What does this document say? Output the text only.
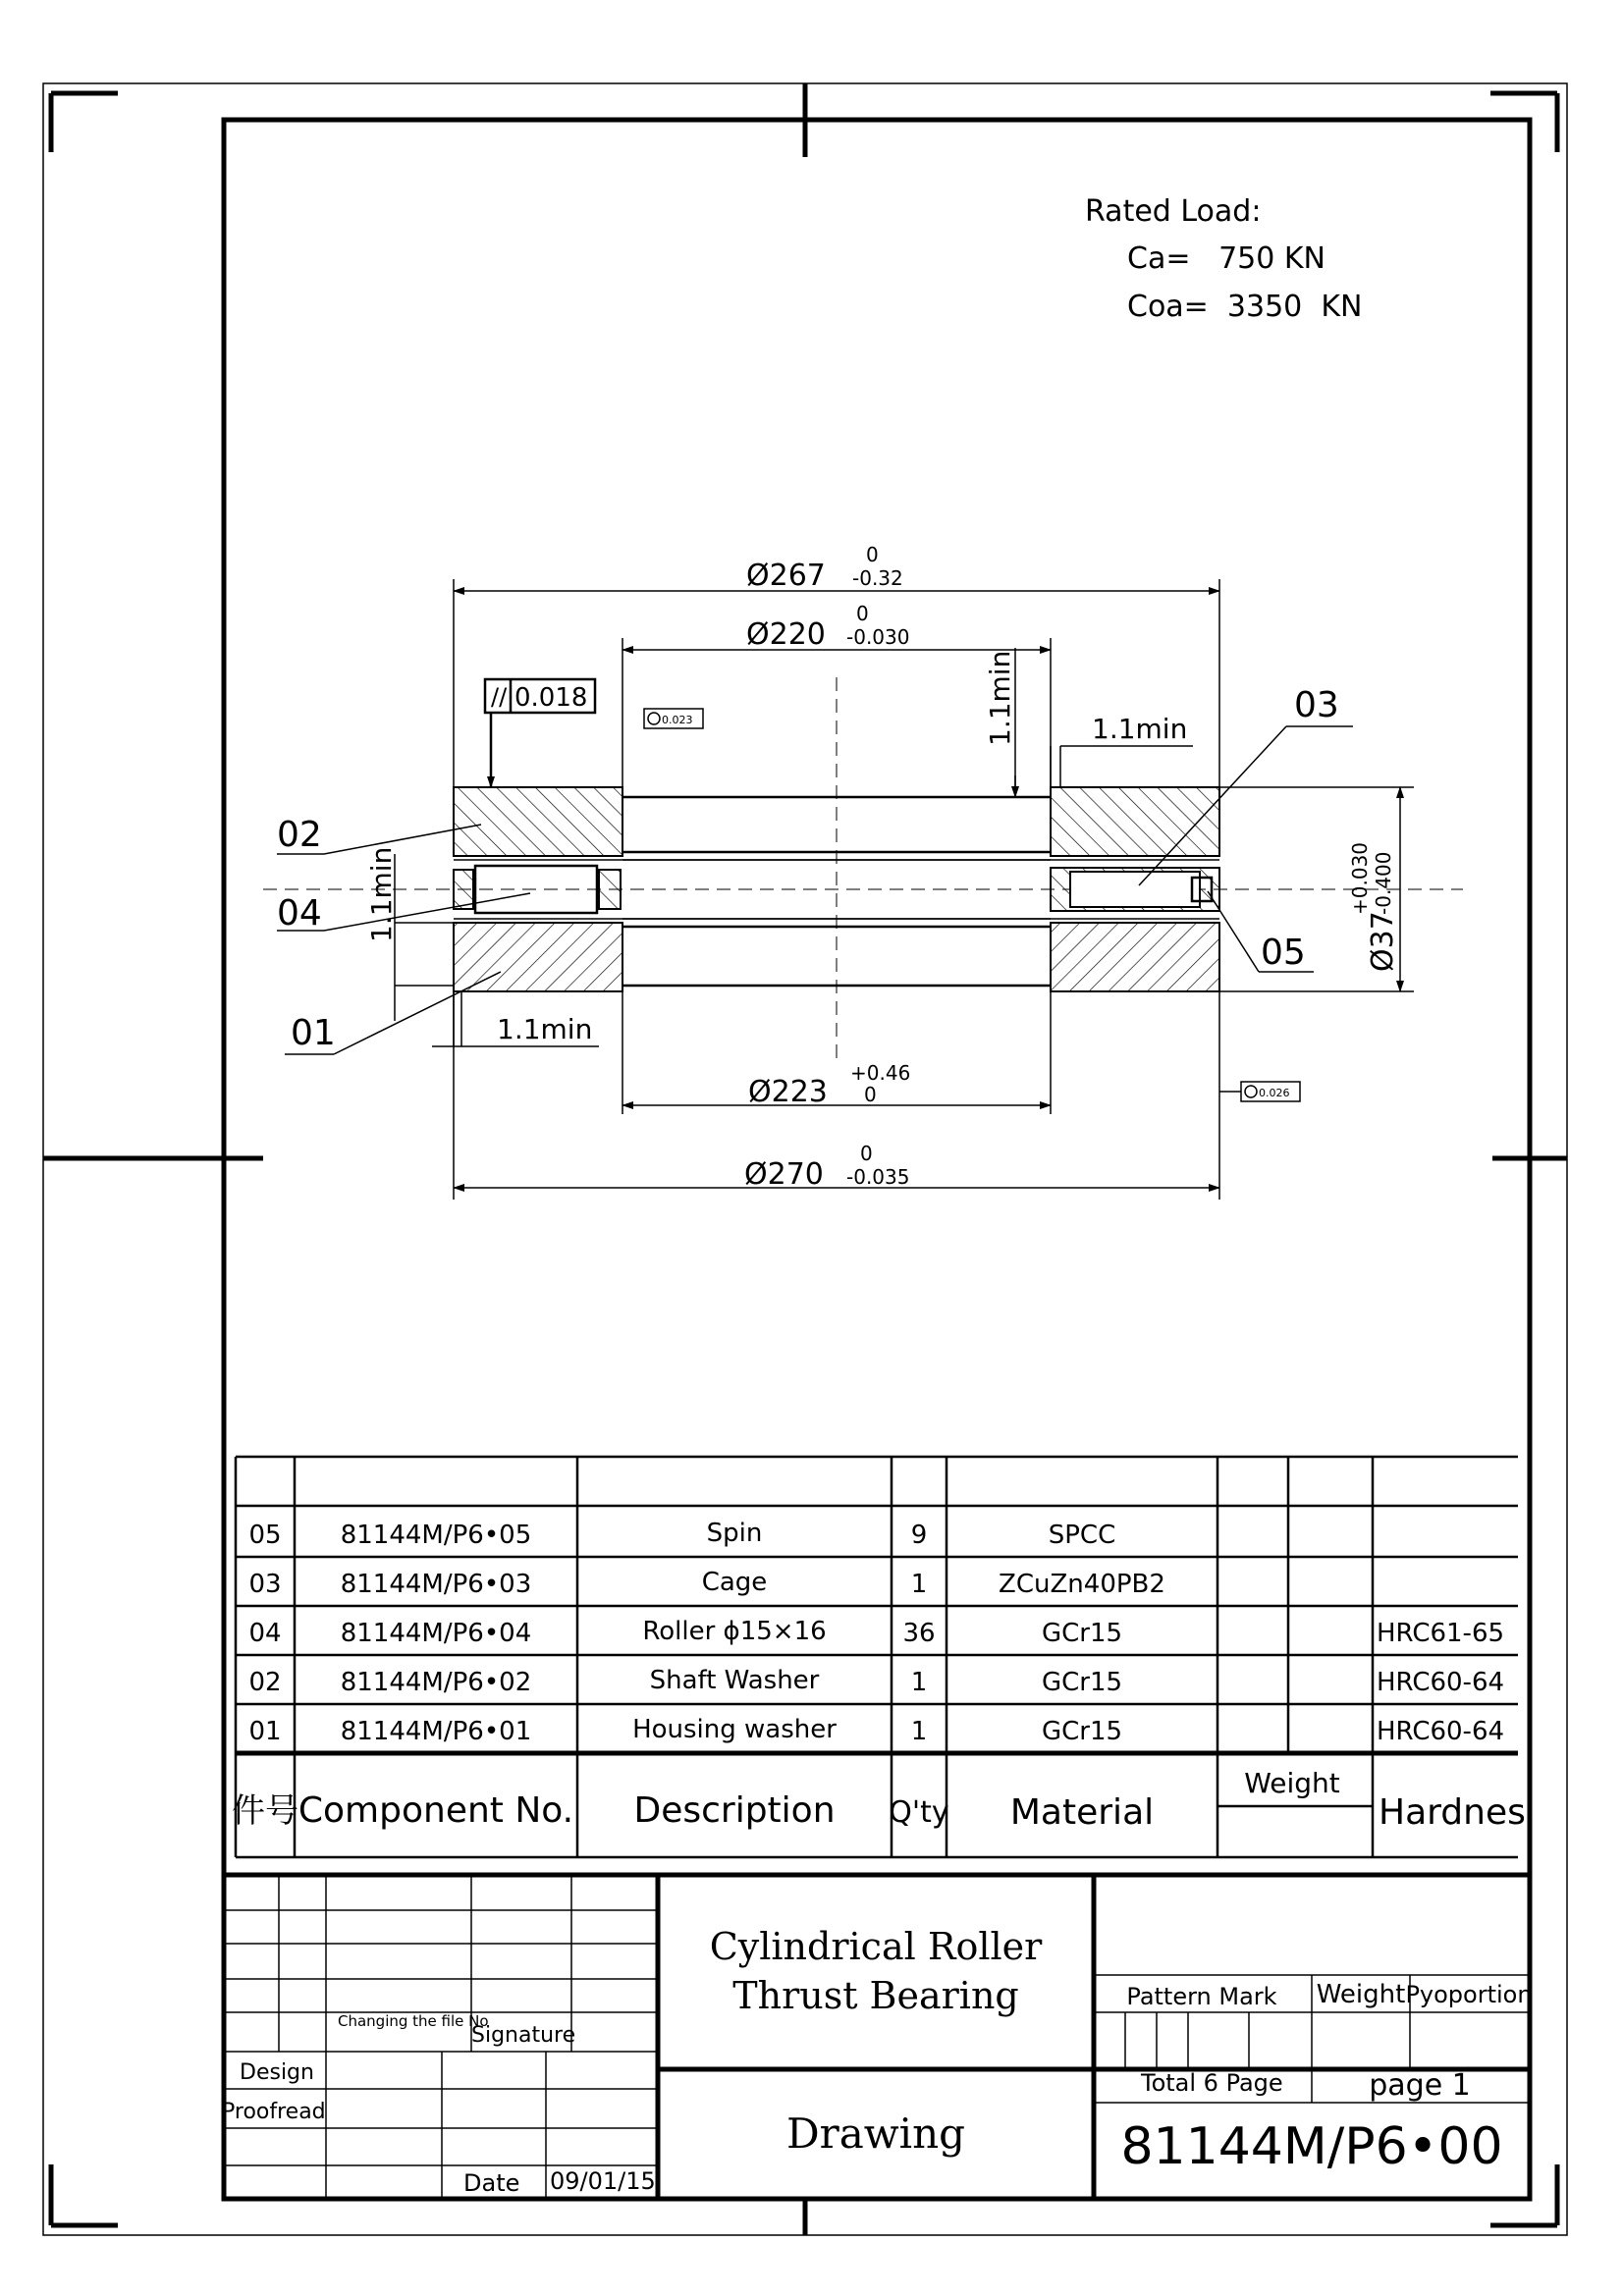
Rated Load:
Ca=   750 KN
Coa=  3350  KN
Ø267
0
-0.32
Ø220
0
-0.030
Ø223
+0.46
0
Ø270
0
-0.035
Ø37
+0.030 -0.400
1.1min	1.1min
1.1min
1.1min
// 0.018
0.023
0.026
02
04
01
03
05
05 81144M/P6•05	Spin	9	SPCC
03 81144M/P6•03	Cage	1	ZCuZn40PB2
04 81144M/P6•04	Roller ɸ15×16	36	GCr15	HRC61-65
02 81144M/P6•02	Shaft Washer	1	GCr15	HRC60-64
01 81144M/P6•01	Housing washer	1	GCr15	HRC60-64
件号 Component No. Description Q'ty Material
Weight
Hardnes
Changing the file No
Signature
Design
Proofread
Date 09/01/15
Cylindrical Roller
Thrust Bearing
Drawing
Pattern Mark Weight Pyoportion
Total 6 Page	page 1
81144M/P6•00
